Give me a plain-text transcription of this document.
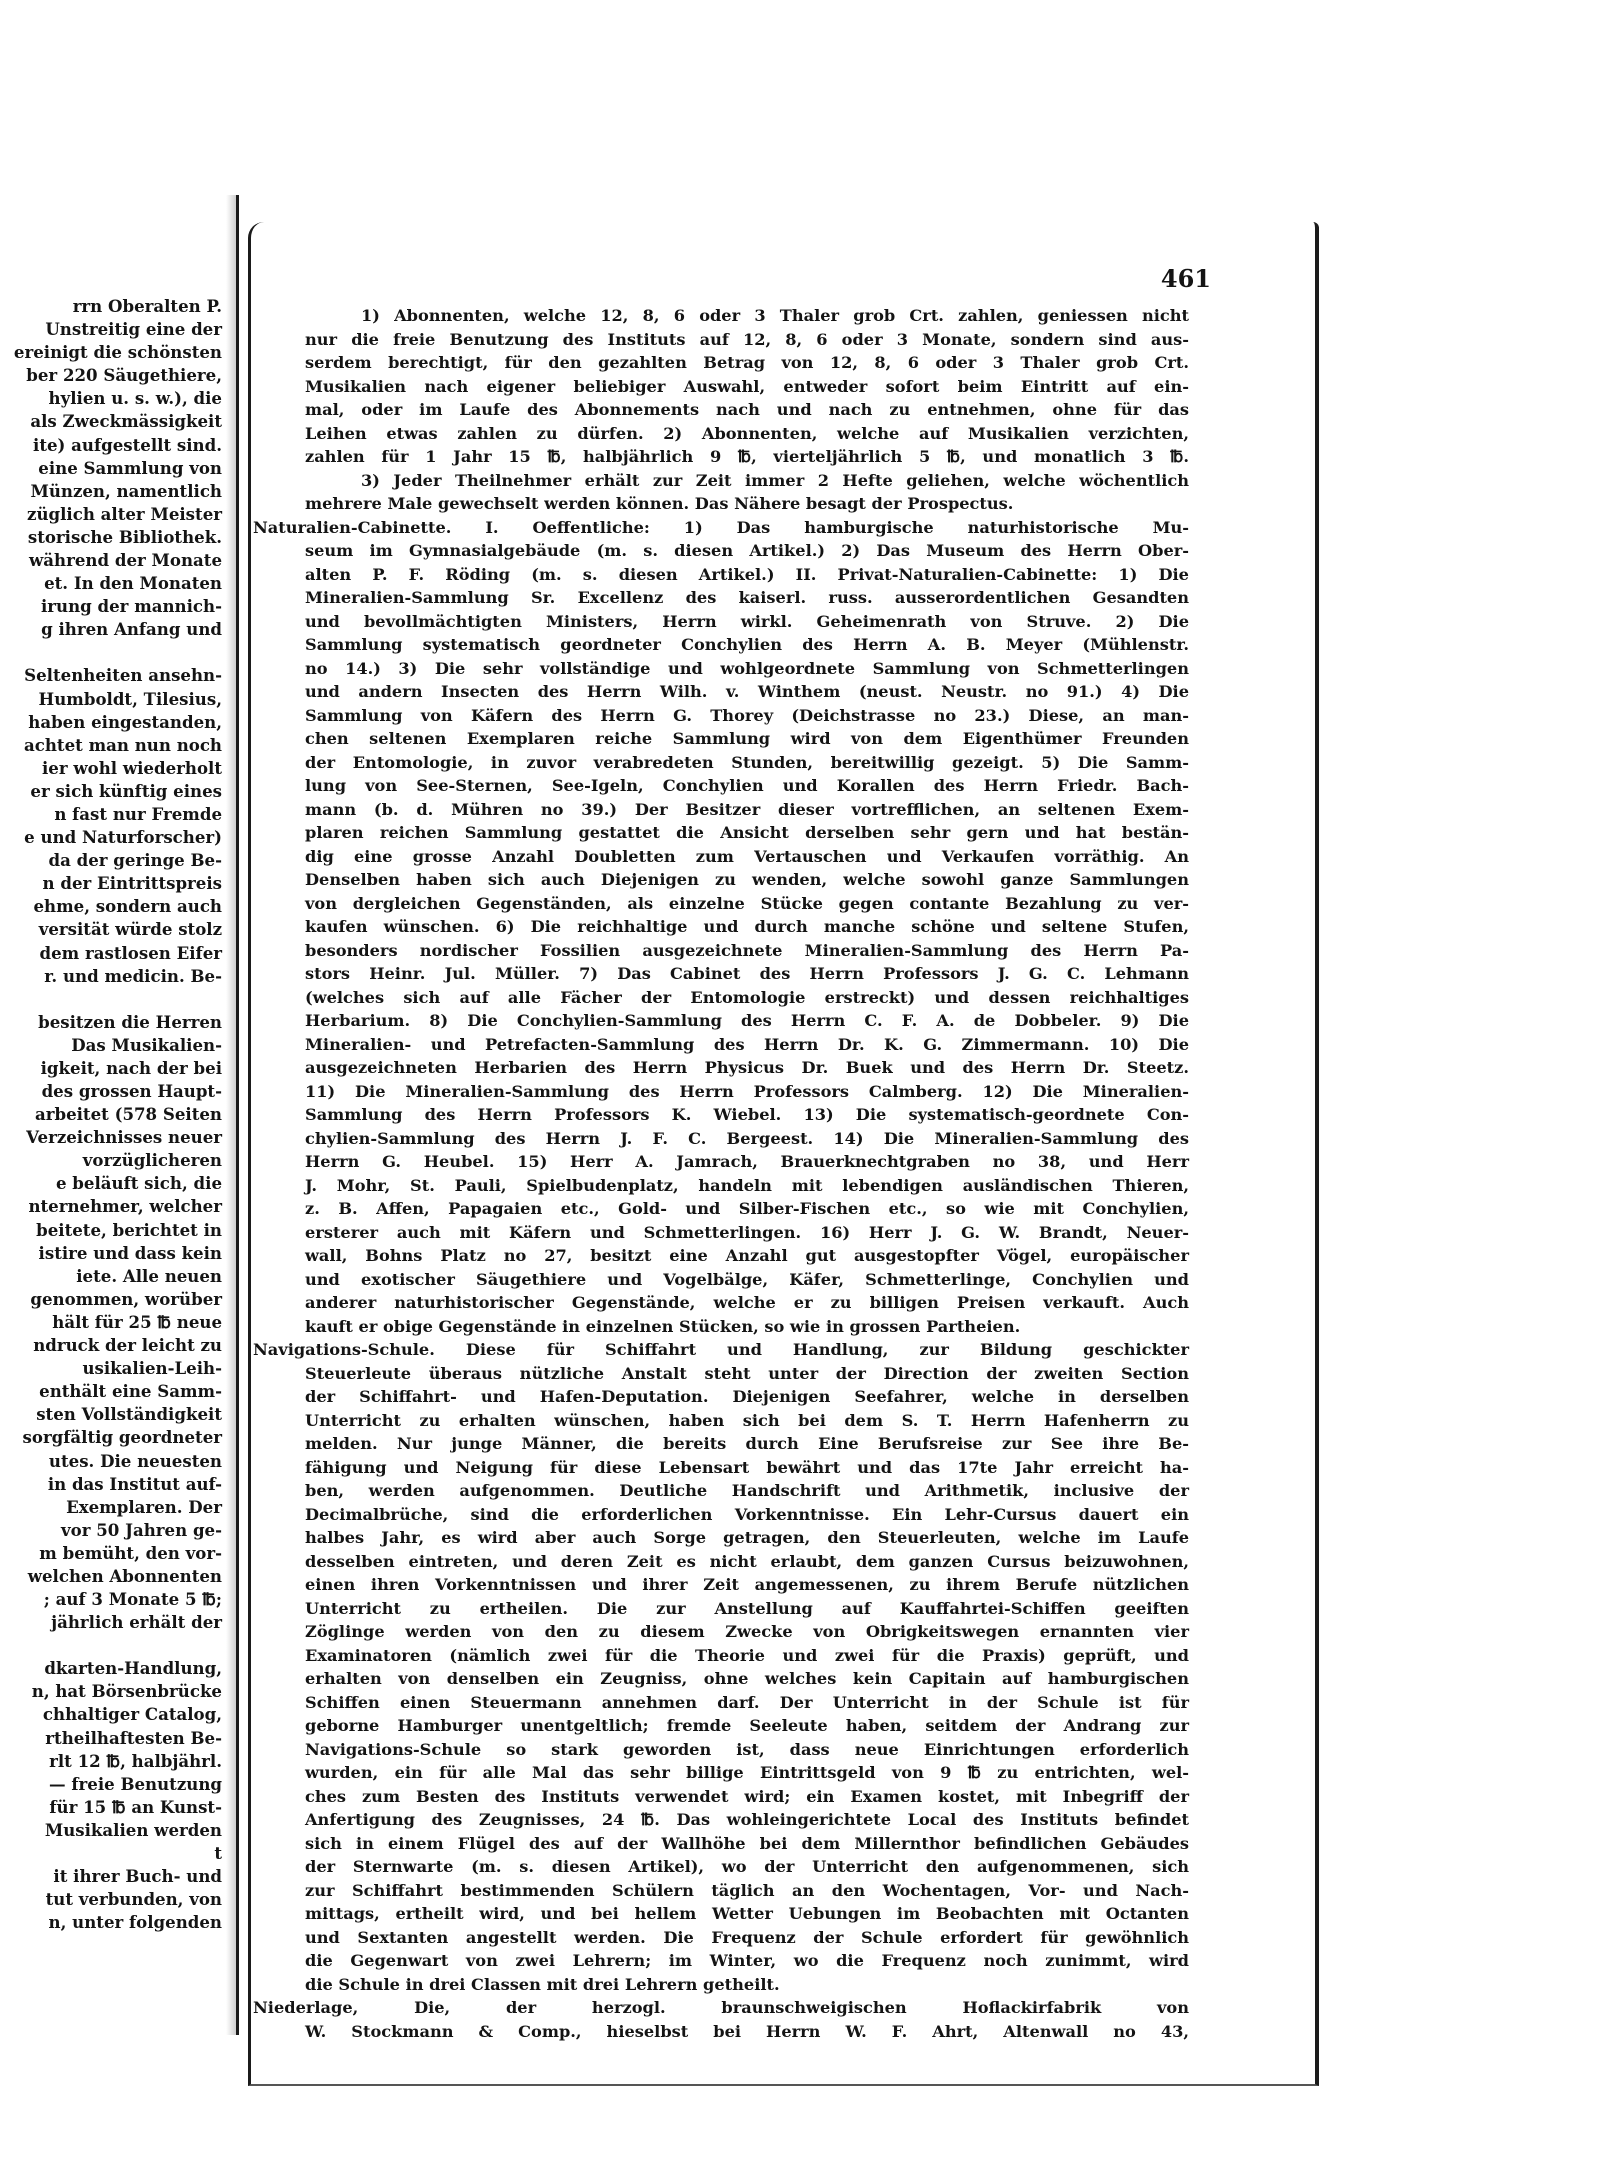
rrn Oberalten P.
Unstreitig eine der
ereinigt die schönsten
ber 220 Säugethiere,
hylien u. s. w.), die
als Zweckmässigkeit
ite) aufgestellt sind.
eine Sammlung von
Münzen, namentlich
züglich alter Meister
storische Bibliothek.
während der Monate
et. In den Monaten
irung der mannich-
g ihren Anfang und
Seltenheiten ansehn-
Humboldt, Tilesius,
haben eingestanden,
achtet man nun noch
ier wohl wiederholt
er sich künftig eines
n fast nur Fremde
e und Naturforscher)
da der geringe Be-
n der Eintrittspreis
ehme, sondern auch
versität würde stolz
dem rastlosen Eifer
r. und medicin. Be-
besitzen die Herren
Das Musikalien-
igkeit, nach der bei
des grossen Haupt-
arbeitet (578 Seiten
Verzeichnisses neuer
vorzüglicheren
e beläuft sich, die
nternehmer, welcher
beitete, berichtet in
istire und dass kein
iete. Alle neuen
genommen, worüber
hält für 25 ℔ neue
ndruck der leicht zu
usikalien-Leih-
enthält eine Samm-
sten Vollständigkeit
sorgfältig geordneter
utes. Die neuesten
in das Institut auf-
Exemplaren. Der
vor 50 Jahren ge-
m bemüht, den vor-
welchen Abonnenten
; auf 3 Monate 5 ℔;
jährlich erhält der
dkarten-Handlung,
n, hat Börsenbrücke
chhaltiger Catalog,
rtheilhaftesten Be-
rlt 12 ℔, halbjährl.
— freie Benutzung
für 15 ℔ an Kunst-
Musikalien werden
t
it ihrer Buch- und
tut verbunden, von
n, unter folgenden
461
1) Abonnenten, welche 12, 8, 6 oder 3 Thaler grob Crt. zahlen, geniessen nicht
nur die freie Benutzung des Instituts auf 12, 8, 6 oder 3 Monate, sondern sind aus-
serdem berechtigt, für den gezahlten Betrag von 12, 8, 6 oder 3 Thaler grob Crt.
Musikalien nach eigener beliebiger Auswahl, entweder sofort beim Eintritt auf ein-
mal, oder im Laufe des Abonnements nach und nach zu entnehmen, ohne für das
Leihen etwas zahlen zu dürfen. 2) Abonnenten, welche auf Musikalien verzichten,
zahlen für 1 Jahr 15 ℔, halbjährlich 9 ℔, vierteljährlich 5 ℔, und monatlich 3 ℔.
3) Jeder Theilnehmer erhält zur Zeit immer 2 Hefte geliehen, welche wöchentlich
mehrere Male gewechselt werden können. Das Nähere besagt der Prospectus.
Naturalien-Cabinette. I. Oeffentliche: 1) Das hamburgische naturhistorische Mu-
seum im Gymnasialgebäude (m. s. diesen Artikel.) 2) Das Museum des Herrn Ober-
alten P. F. Röding (m. s. diesen Artikel.) II. Privat-Naturalien-Cabinette: 1) Die
Mineralien-Sammlung Sr. Excellenz des kaiserl. russ. ausserordentlichen Gesandten
und bevollmächtigten Ministers, Herrn wirkl. Geheimenrath von Struve. 2) Die
Sammlung systematisch geordneter Conchylien des Herrn A. B. Meyer (Mühlenstr.
no 14.) 3) Die sehr vollständige und wohlgeordnete Sammlung von Schmetterlingen
und andern Insecten des Herrn Wilh. v. Winthem (neust. Neustr. no 91.) 4) Die
Sammlung von Käfern des Herrn G. Thorey (Deichstrasse no 23.) Diese, an man-
chen seltenen Exemplaren reiche Sammlung wird von dem Eigenthümer Freunden
der Entomologie, in zuvor verabredeten Stunden, bereitwillig gezeigt. 5) Die Samm-
lung von See-Sternen, See-Igeln, Conchylien und Korallen des Herrn Friedr. Bach-
mann (b. d. Mühren no 39.) Der Besitzer dieser vortrefflichen, an seltenen Exem-
plaren reichen Sammlung gestattet die Ansicht derselben sehr gern und hat bestän-
dig eine grosse Anzahl Doubletten zum Vertauschen und Verkaufen vorräthig. An
Denselben haben sich auch Diejenigen zu wenden, welche sowohl ganze Sammlungen
von dergleichen Gegenständen, als einzelne Stücke gegen contante Bezahlung zu ver-
kaufen wünschen. 6) Die reichhaltige und durch manche schöne und seltene Stufen,
besonders nordischer Fossilien ausgezeichnete Mineralien-Sammlung des Herrn Pa-
stors Heinr. Jul. Müller. 7) Das Cabinet des Herrn Professors J. G. C. Lehmann
(welches sich auf alle Fächer der Entomologie erstreckt) und dessen reichhaltiges
Herbarium. 8) Die Conchylien-Sammlung des Herrn C. F. A. de Dobbeler. 9) Die
Mineralien- und Petrefacten-Sammlung des Herrn Dr. K. G. Zimmermann. 10) Die
ausgezeichneten Herbarien des Herrn Physicus Dr. Buek und des Herrn Dr. Steetz.
11) Die Mineralien-Sammlung des Herrn Professors Calmberg. 12) Die Mineralien-
Sammlung des Herrn Professors K. Wiebel. 13) Die systematisch-geordnete Con-
chylien-Sammlung des Herrn J. F. C. Bergeest. 14) Die Mineralien-Sammlung des
Herrn G. Heubel. 15) Herr A. Jamrach, Brauerknechtgraben no 38, und Herr
J. Mohr, St. Pauli, Spielbudenplatz, handeln mit lebendigen ausländischen Thieren,
z. B. Affen, Papagaien etc., Gold- und Silber-Fischen etc., so wie mit Conchylien,
ersterer auch mit Käfern und Schmetterlingen. 16) Herr J. G. W. Brandt, Neuer-
wall, Bohns Platz no 27, besitzt eine Anzahl gut ausgestopfter Vögel, europäischer
und exotischer Säugethiere und Vogelbälge, Käfer, Schmetterlinge, Conchylien und
anderer naturhistorischer Gegenstände, welche er zu billigen Preisen verkauft. Auch
kauft er obige Gegenstände in einzelnen Stücken, so wie in grossen Partheien.
Navigations-Schule. Diese für Schiffahrt und Handlung, zur Bildung geschickter
Steuerleute überaus nützliche Anstalt steht unter der Direction der zweiten Section
der Schiffahrt- und Hafen-Deputation. Diejenigen Seefahrer, welche in derselben
Unterricht zu erhalten wünschen, haben sich bei dem S. T. Herrn Hafenherrn zu
melden. Nur junge Männer, die bereits durch Eine Berufsreise zur See ihre Be-
fähigung und Neigung für diese Lebensart bewährt und das 17te Jahr erreicht ha-
ben, werden aufgenommen. Deutliche Handschrift und Arithmetik, inclusive der
Decimalbrüche, sind die erforderlichen Vorkenntnisse. Ein Lehr-Cursus dauert ein
halbes Jahr, es wird aber auch Sorge getragen, den Steuerleuten, welche im Laufe
desselben eintreten, und deren Zeit es nicht erlaubt, dem ganzen Cursus beizuwohnen,
einen ihren Vorkenntnissen und ihrer Zeit angemessenen, zu ihrem Berufe nützlichen
Unterricht zu ertheilen. Die zur Anstellung auf Kauffahrtei-Schiffen geeiften
Zöglinge werden von den zu diesem Zwecke von Obrigkeitswegen ernannten vier
Examinatoren (nämlich zwei für die Theorie und zwei für die Praxis) geprüft, und
erhalten von denselben ein Zeugniss, ohne welches kein Capitain auf hamburgischen
Schiffen einen Steuermann annehmen darf. Der Unterricht in der Schule ist für
geborne Hamburger unentgeltlich; fremde Seeleute haben, seitdem der Andrang zur
Navigations-Schule so stark geworden ist, dass neue Einrichtungen erforderlich
wurden, ein für alle Mal das sehr billige Eintrittsgeld von 9 ℔ zu entrichten, wel-
ches zum Besten des Instituts verwendet wird; ein Examen kostet, mit Inbegriff der
Anfertigung des Zeugnisses, 24 ℔. Das wohleingerichtete Local des Instituts befindet
sich in einem Flügel des auf der Wallhöhe bei dem Millernthor befindlichen Gebäudes
der Sternwarte (m. s. diesen Artikel), wo der Unterricht den aufgenommenen, sich
zur Schiffahrt bestimmenden Schülern täglich an den Wochentagen, Vor- und Nach-
mittags, ertheilt wird, und bei hellem Wetter Uebungen im Beobachten mit Octanten
und Sextanten angestellt werden. Die Frequenz der Schule erfordert für gewöhnlich
die Gegenwart von zwei Lehrern; im Winter, wo die Frequenz noch zunimmt, wird
die Schule in drei Classen mit drei Lehrern getheilt.
Niederlage, Die, der herzogl. braunschweigischen Hoflackirfabrik von
W. Stockmann & Comp., hieselbst bei Herrn W. F. Ahrt, Altenwall no 43,
